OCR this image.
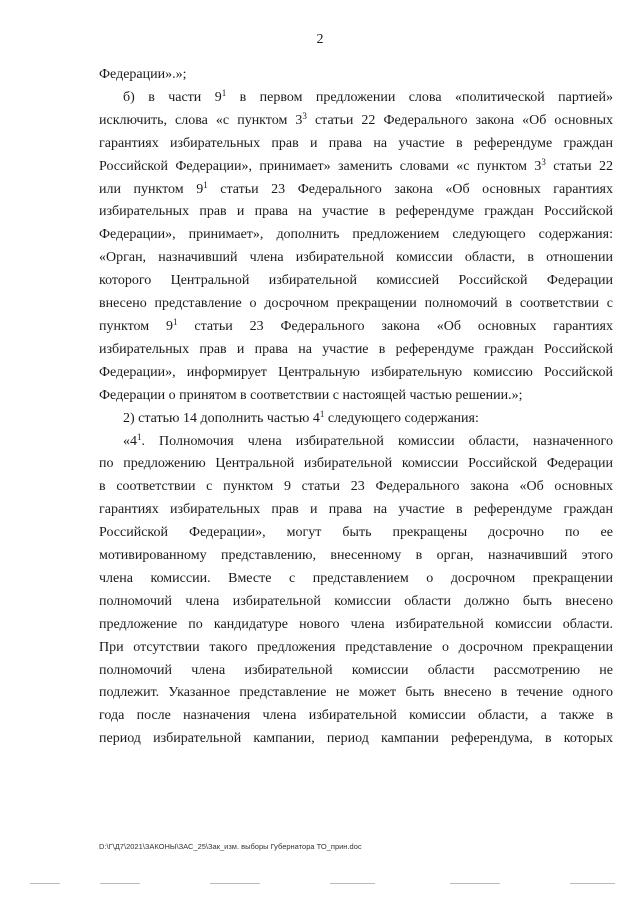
2

Федерации».»;

б) в части $9^1$ в первом предложении слова «политической партией»

исключить, слова «с пунктом $3^3$ статьи 22 Федерального закона «Об основных

гарантиях избирательных прав и права на участие в референдуме граждан

Российской Федерации», принимает» заменить словами «с пунктом $3^3$ статьи 22

или пунктом $9^1$ статьи 23 Федерального закона «Об основных гарантиях

избирательных прав и права на участие в референдуме граждан Российской

Федерации», принимает», дополнить предложением следующего содержания:

«Орган, назначивший члена избирательной комиссии области, в отношении

которого Центральной избирательной комиссией Российской Федерации

внесено представление о досрочном прекращении полномочий в соответствии с

пунктом $9^1$ статьи 23 Федерального закона «Об основных гарантиях

избирательных прав и права на участие в референдуме граждан Российской

Федерации», информирует Центральную избирательную комиссию Российской

Федерации о принятом в соответствии с настоящей частью решении.»;

2) статью 14 дополнить частью $4^1$ следующего содержания:

«$4^1$. Полномочия члена избирательной комиссии области, назначенного

по предложению Центральной избирательной комиссии Российской Федерации

в соответствии с пунктом 9 статьи 23 Федерального закона «Об основных

гарантиях избирательных прав и права на участие в референдуме граждан

Российской Федерации», могут быть прекращены досрочно по ее

мотивированному представлению, внесенному в орган, назначивший этого

члена комиссии. Вместе с представлением о досрочном прекращении

полномочий члена избирательной комиссии области должно быть внесено

предложение по кандидатуре нового члена избирательной комиссии области.

При отсутствии такого предложения представление о досрочном прекращении

полномочий члена избирательной комиссии области рассмотрению не

подлежит. Указанное представление не может быть внесено в течение одного

года после назначения члена избирательной комиссии области, а также в

период избирательной кампании, период кампании референдума, в которых

D:\Г\Д7\2021\ЗАКОНЫ\ЗАС_25\Зак_изм. выборы Губернатора ТО_прин.doc
